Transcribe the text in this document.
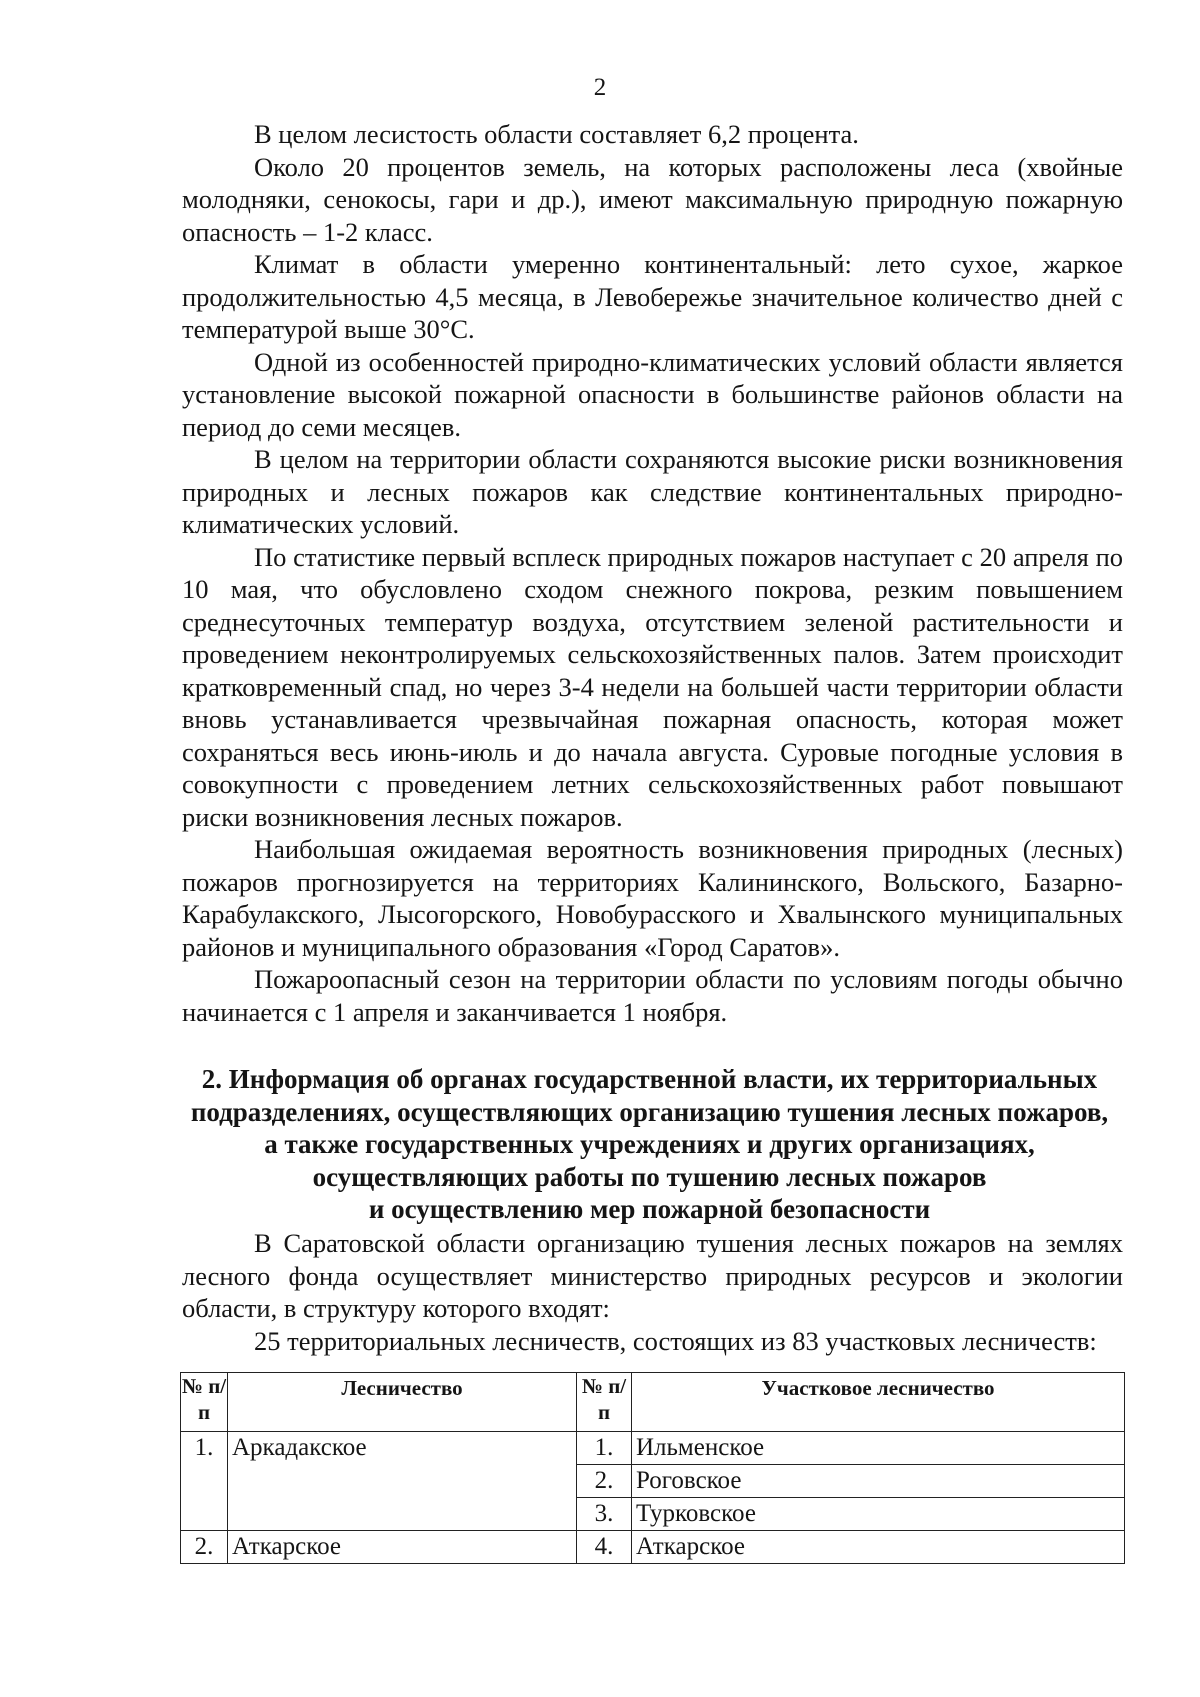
2

В целом лесистость области составляет 6,2 процента.

Около 20 процентов земель, на которых расположены леса (хвойные молодняки, сенокосы, гари и др.), имеют максимальную природную пожарную опасность – 1-2 класс.

Климат в области умеренно континентальный: лето сухое, жаркое продолжительностью 4,5 месяца, в Левобережье значительное количество дней с температурой выше 30°С.

Одной из особенностей природно-климатических условий области является установление высокой пожарной опасности в большинстве районов области на период до семи месяцев.

В целом на территории области сохраняются высокие риски возникновения природных и лесных пожаров как следствие континентальных природно-климатических условий.

По статистике первый всплеск природных пожаров наступает с 20 апреля по 10 мая, что обусловлено сходом снежного покрова, резким повышением среднесуточных температур воздуха, отсутствием зеленой растительности и проведением неконтролируемых сельскохозяйственных палов. Затем происходит кратковременный спад, но через 3-4 недели на большей части территории области вновь устанавливается чрезвычайная пожарная опасность, которая может сохраняться весь июнь-июль и до начала августа. Суровые погодные условия в совокупности с проведением летних сельскохозяйственных работ повышают риски возникновения лесных пожаров.

Наибольшая ожидаемая вероятность возникновения природных (лесных) пожаров прогнозируется на территориях Калининского, Вольского, Базарно-Карабулакского, Лысогорского, Новобурасского и Хвалынского муниципальных районов и муниципального образования «Город Саратов».

Пожароопасный сезон на территории области по условиям погоды обычно начинается с 1 апреля и заканчивается 1 ноября.

2. Информация об органах государственной власти, их территориальных
подразделениях, осуществляющих организацию тушения лесных пожаров,
а также государственных учреждениях и других организациях,
осуществляющих работы по тушению лесных пожаров
и осуществлению мер пожарной безопасности

В Саратовской области организацию тушения лесных пожаров на землях лесного фонда осуществляет министерство природных ресурсов и экологии области, в структуру которого входят:

25 территориальных лесничеств, состоящих из 83 участковых лесничеств:

№ п/п	Лесничество	№ п/п	Участковое лесничество
1.	Аркадакское	1.	Ильменское
		2.	Роговское
		3.	Турковское
2.	Аткарское	4.	Аткарское
